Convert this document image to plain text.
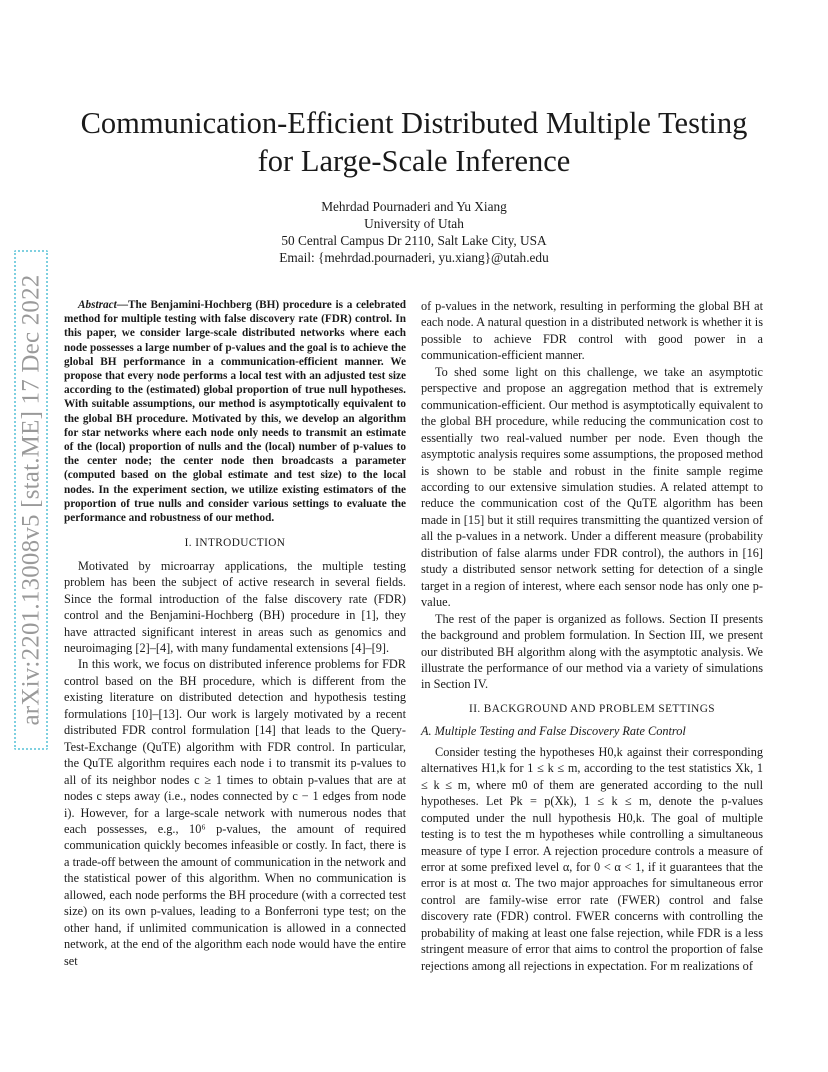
arXiv:2201.13008v5 [stat.ME] 17 Dec 2022
Communication-Efficient Distributed Multiple Testing for Large-Scale Inference
Mehrdad Pournaderi and Yu Xiang
University of Utah
50 Central Campus Dr 2110, Salt Lake City, USA
Email: {mehrdad.pournaderi, yu.xiang}@utah.edu

Abstract—The Benjamini-Hochberg (BH) procedure is a celebrated method for multiple testing with false discovery rate (FDR) control. In this paper, we consider large-scale distributed networks where each node possesses a large number of p-values and the goal is to achieve the global BH performance in a communication-efficient manner. We propose that every node performs a local test with an adjusted test size according to the (estimated) global proportion of true null hypotheses. With suitable assumptions, our method is asymptotically equivalent to the global BH procedure. Motivated by this, we develop an algorithm for star networks where each node only needs to transmit an estimate of the (local) proportion of nulls and the (local) number of p-values to the center node; the center node then broadcasts a parameter (computed based on the global estimate and test size) to the local nodes. In the experiment section, we utilize existing estimators of the proportion of true nulls and consider various settings to evaluate the performance and robustness of our method.

I. INTRODUCTION

Motivated by microarray applications, the multiple testing problem has been the subject of active research in several fields. Since the formal introduction of the false discovery rate (FDR) control and the Benjamini-Hochberg (BH) procedure in [1], they have attracted significant interest in areas such as genomics and neuroimaging [2]–[4], with many fundamental extensions [4]–[9].

In this work, we focus on distributed inference problems for FDR control based on the BH procedure, which is different from the existing literature on distributed detection and hypothesis testing formulations [10]–[13]. Our work is largely motivated by a recent distributed FDR control formulation [14] that leads to the Query-Test-Exchange (QuTE) algorithm with FDR control. In particular, the QuTE algorithm requires each node i to transmit its p-values to all of its neighbor nodes c ≥ 1 times to obtain p-values that are at nodes c steps away (i.e., nodes connected by c − 1 edges from node i). However, for a large-scale network with numerous nodes that each possesses, e.g., 10⁶ p-values, the amount of required communication quickly becomes infeasible or costly. In fact, there is a trade-off between the amount of communication in the network and the statistical power of this algorithm. When no communication is allowed, each node performs the BH procedure (with a corrected test size) on its own p-values, leading to a Bonferroni type test; on the other hand, if unlimited communication is allowed in a connected network, at the end of the algorithm each node would have the entire set

of p-values in the network, resulting in performing the global BH at each node. A natural question in a distributed network is whether it is possible to achieve FDR control with good power in a communication-efficient manner.

To shed some light on this challenge, we take an asymptotic perspective and propose an aggregation method that is extremely communication-efficient. Our method is asymptotically equivalent to the global BH procedure, while reducing the communication cost to essentially two real-valued number per node. Even though the asymptotic analysis requires some assumptions, the proposed method is shown to be stable and robust in the finite sample regime according to our extensive simulation studies. A related attempt to reduce the communication cost of the QuTE algorithm has been made in [15] but it still requires transmitting the quantized version of all the p-values in a network. Under a different measure (probability distribution of false alarms under FDR control), the authors in [16] study a distributed sensor network setting for detection of a single target in a region of interest, where each sensor node has only one p-value.

The rest of the paper is organized as follows. Section II presents the background and problem formulation. In Section III, we present our distributed BH algorithm along with the asymptotic analysis. We illustrate the performance of our method via a variety of simulations in Section IV.

II. BACKGROUND AND PROBLEM SETTINGS

A. Multiple Testing and False Discovery Rate Control

Consider testing the hypotheses H0,k against their corresponding alternatives H1,k for 1 ≤ k ≤ m, according to the test statistics Xk, 1 ≤ k ≤ m, where m0 of them are generated according to the null hypotheses. Let Pk = p(Xk), 1 ≤ k ≤ m, denote the p-values computed under the null hypothesis H0,k. The goal of multiple testing is to test the m hypotheses while controlling a simultaneous measure of type I error. A rejection procedure controls a measure of error at some prefixed level α, for 0 < α < 1, if it guarantees that the error is at most α. The two major approaches for simultaneous error control are family-wise error rate (FWER) control and false discovery rate (FDR) control. FWER concerns with controlling the probability of making at least one false rejection, while FDR is a less stringent measure of error that aims to control the proportion of false rejections among all rejections in expectation. For m realizations of
